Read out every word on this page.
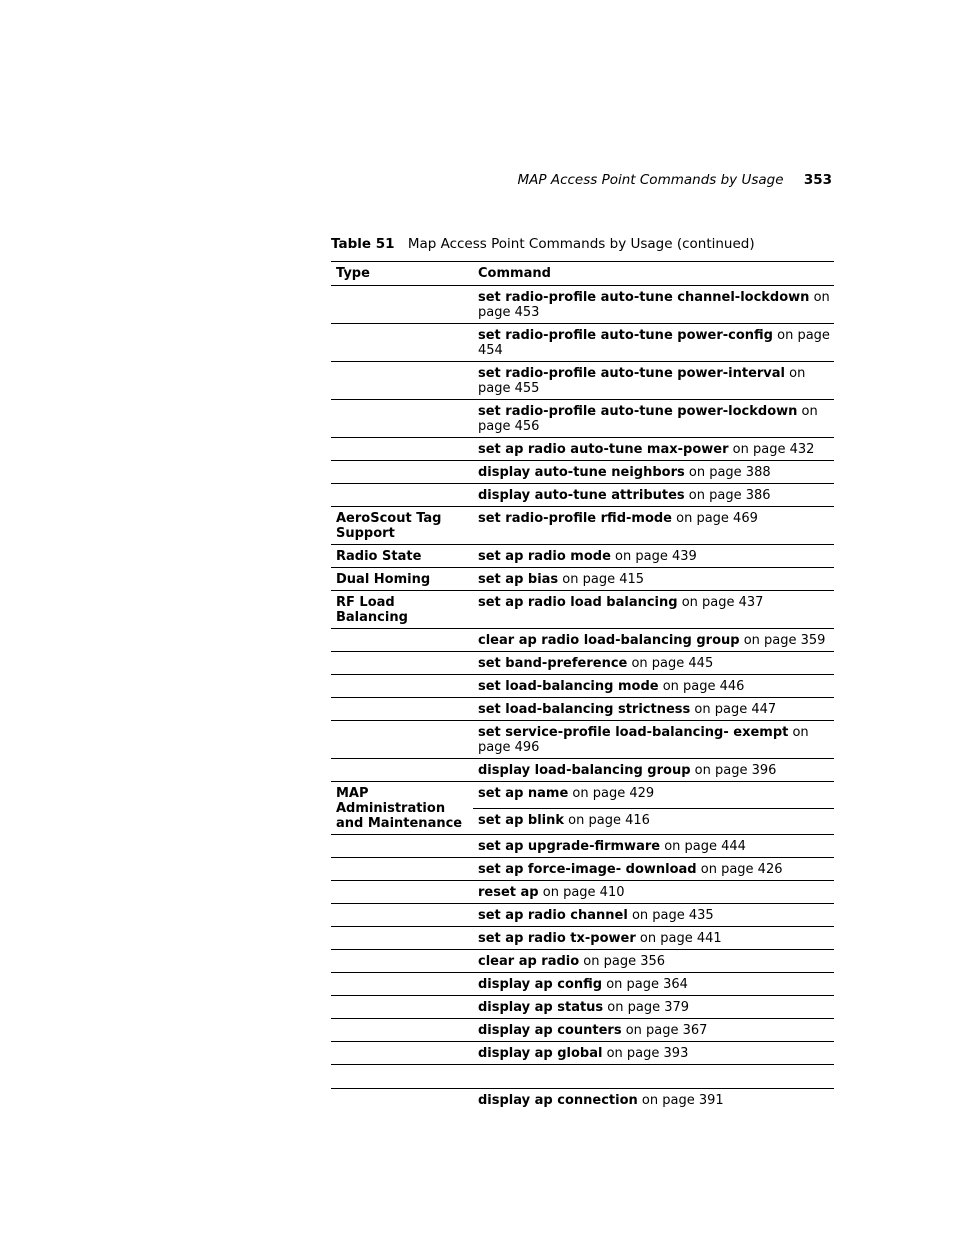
MAP Access Point Commands by Usage 353
Table 51 Map Access Point Commands by Usage (continued)
Type	Command
	set radio-profile auto-tune channel-lockdown on page 453
	set radio-profile auto-tune power-config on page 454
	set radio-profile auto-tune power-interval on page 455
	set radio-profile auto-tune power-lockdown on page 456
	set ap radio auto-tune max-power on page 432
	display auto-tune neighbors on page 388
	display auto-tune attributes on page 386
AeroScout Tag Support	set radio-profile rfid-mode on page 469
Radio State	set ap radio mode on page 439
Dual Homing	set ap bias on page 415
RF Load Balancing	set ap radio load balancing on page 437
	clear ap radio load-balancing group on page 359
	set band-preference on page 445
	set load-balancing mode on page 446
	set load-balancing strictness on page 447
	set service-profile load-balancing- exempt on page 496
	display load-balancing group on page 396
MAP Administration and Maintenance	set ap name on page 429
	set ap blink on page 416
	set ap upgrade-firmware on page 444
	set ap force-image- download on page 426
	reset ap on page 410
	set ap radio channel on page 435
	set ap radio tx-power on page 441
	clear ap radio on page 356
	display ap config on page 364
	display ap status on page 379
	display ap counters on page 367
	display ap global on page 393

	display ap connection on page 391
